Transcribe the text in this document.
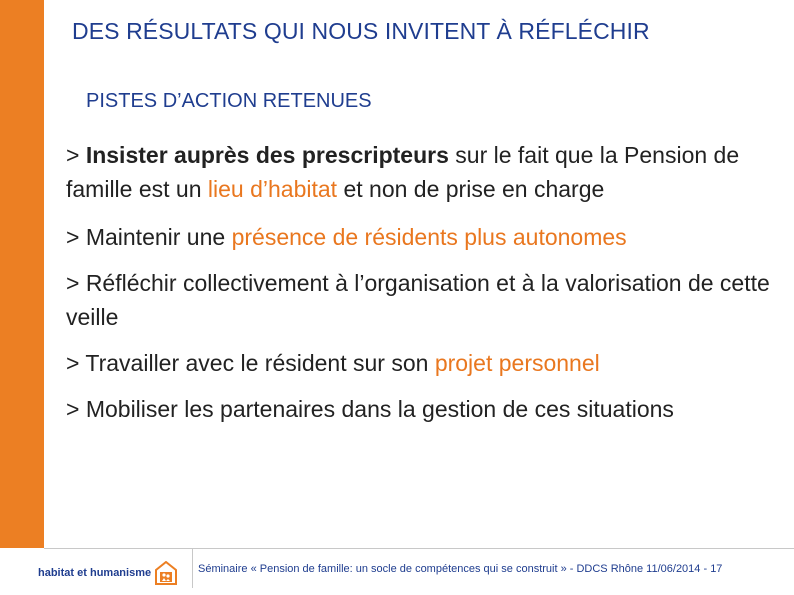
DES RÉSULTATS QUI NOUS INVITENT À RÉFLÉCHIR
PISTES D’ACTION RETENUES
> Insister auprès des prescripteurs sur le fait que la Pension de famille est un lieu d’habitat et non de prise en charge
> Maintenir une présence de résidents plus autonomes
> Réfléchir collectivement à l’organisation et à la valorisation de cette veille
> Travailler avec le résident sur son projet personnel
> Mobiliser les partenaires dans la gestion de ces situations
habitat et humanisme	Séminaire « Pension de famille: un socle de compétences qui se construit » - DDCS Rhône 11/06/2014 - 17
